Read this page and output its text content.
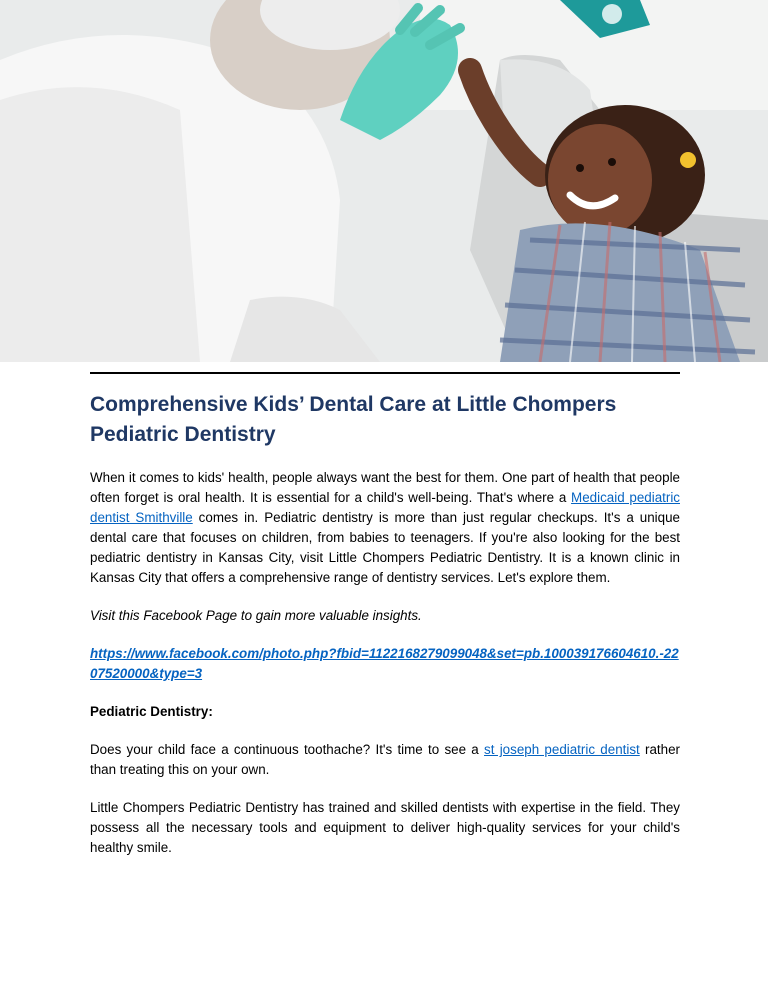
Comprehensive Kids’ Dental Care at Little Chompers Pediatric Dentistry

When it comes to kids' health, people always want the best for them. One part of health that people often forget is oral health. It is essential for a child's well-being. That's where a Medicaid pediatric dentist Smithville comes in. Pediatric dentistry is more than just regular checkups. It's a unique dental care that focuses on children, from babies to teenagers. If you're also looking for the best pediatric dentistry in Kansas City, visit Little Chompers Pediatric Dentistry. It is a known clinic in Kansas City that offers a comprehensive range of dentistry services. Let's explore them.

Visit this Facebook Page to gain more valuable insights.

https://www.facebook.com/photo.php?fbid=1122168279099048&set=pb.100039176604610.-2207520000&type=3

Pediatric Dentistry:

Does your child face a continuous toothache? It's time to see a st joseph pediatric dentist rather than treating this on your own.

Little Chompers Pediatric Dentistry has trained and skilled dentists with expertise in the field. They possess all the necessary tools and equipment to deliver high-quality services for your child's healthy smile.
